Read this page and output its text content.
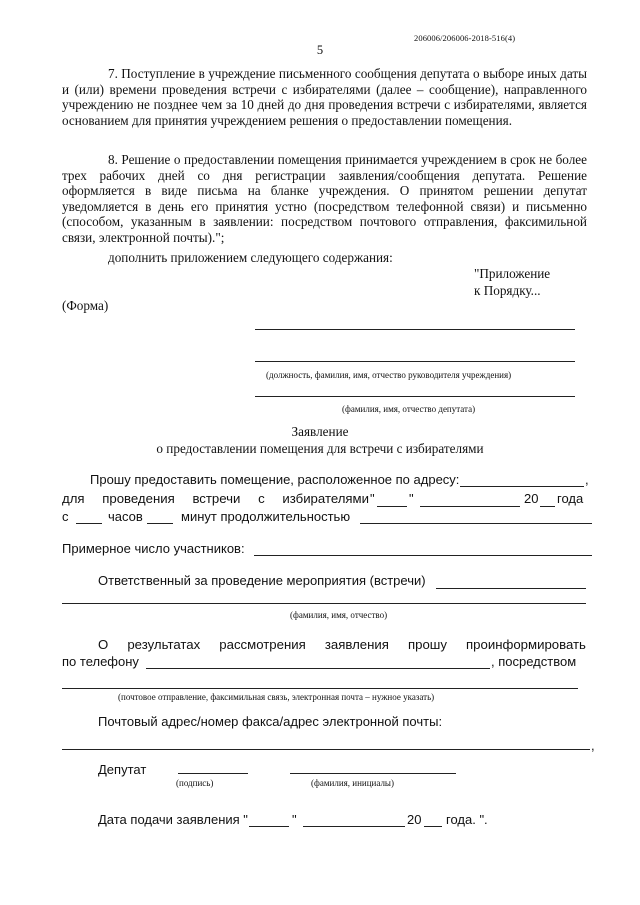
206006/206006-2018-516(4)
5

7. Поступление в учреждение письменного сообщения депутата о выборе иных даты и (или) времени проведения встречи с избирателями (далее – сообщение), направленного учреждению не позднее чем за 10 дней до дня проведения встречи с избирателями, является основанием для принятия учреждением решения о предоставлении помещения.

8. Решение о предоставлении помещения принимается учреждением в срок не более трех рабочих дней со дня регистрации заявления/сообщения депутата. Решение оформляется в виде письма на бланке учреждения. О принятом решении депутат уведомляется в день его принятия устно (посредством телефонной связи) и письменно (способом, указанным в заявлении: посредством почтового отправления, факсимильной связи, электронной почты).";

дополнить приложением следующего содержания:
"Приложение
к Порядку...
(Форма)
(должность, фамилия, имя, отчество руководителя учреждения)
(фамилия, имя, отчество депутата)
Заявление
о предоставлении помещения для встречи с избирателями
Прошу предоставить помещение, расположенное по адресу:	,
для проведения встречи с избирателями "	"	20 года
с	часов	минут продолжительностью
Примерное число участников:
Ответственный за проведение мероприятия (встречи)
(фамилия, имя, отчество)
О результатах рассмотрения заявления прошу проинформировать
по телефону	, посредством
(почтовое отправление, факсимильная связь, электронная почта – нужное указать)
Почтовый адрес/номер факса/адрес электронной почты:
,
Депутат
(подпись)	(фамилия, инициалы)
Дата подачи заявления "	"	20 года. ".
